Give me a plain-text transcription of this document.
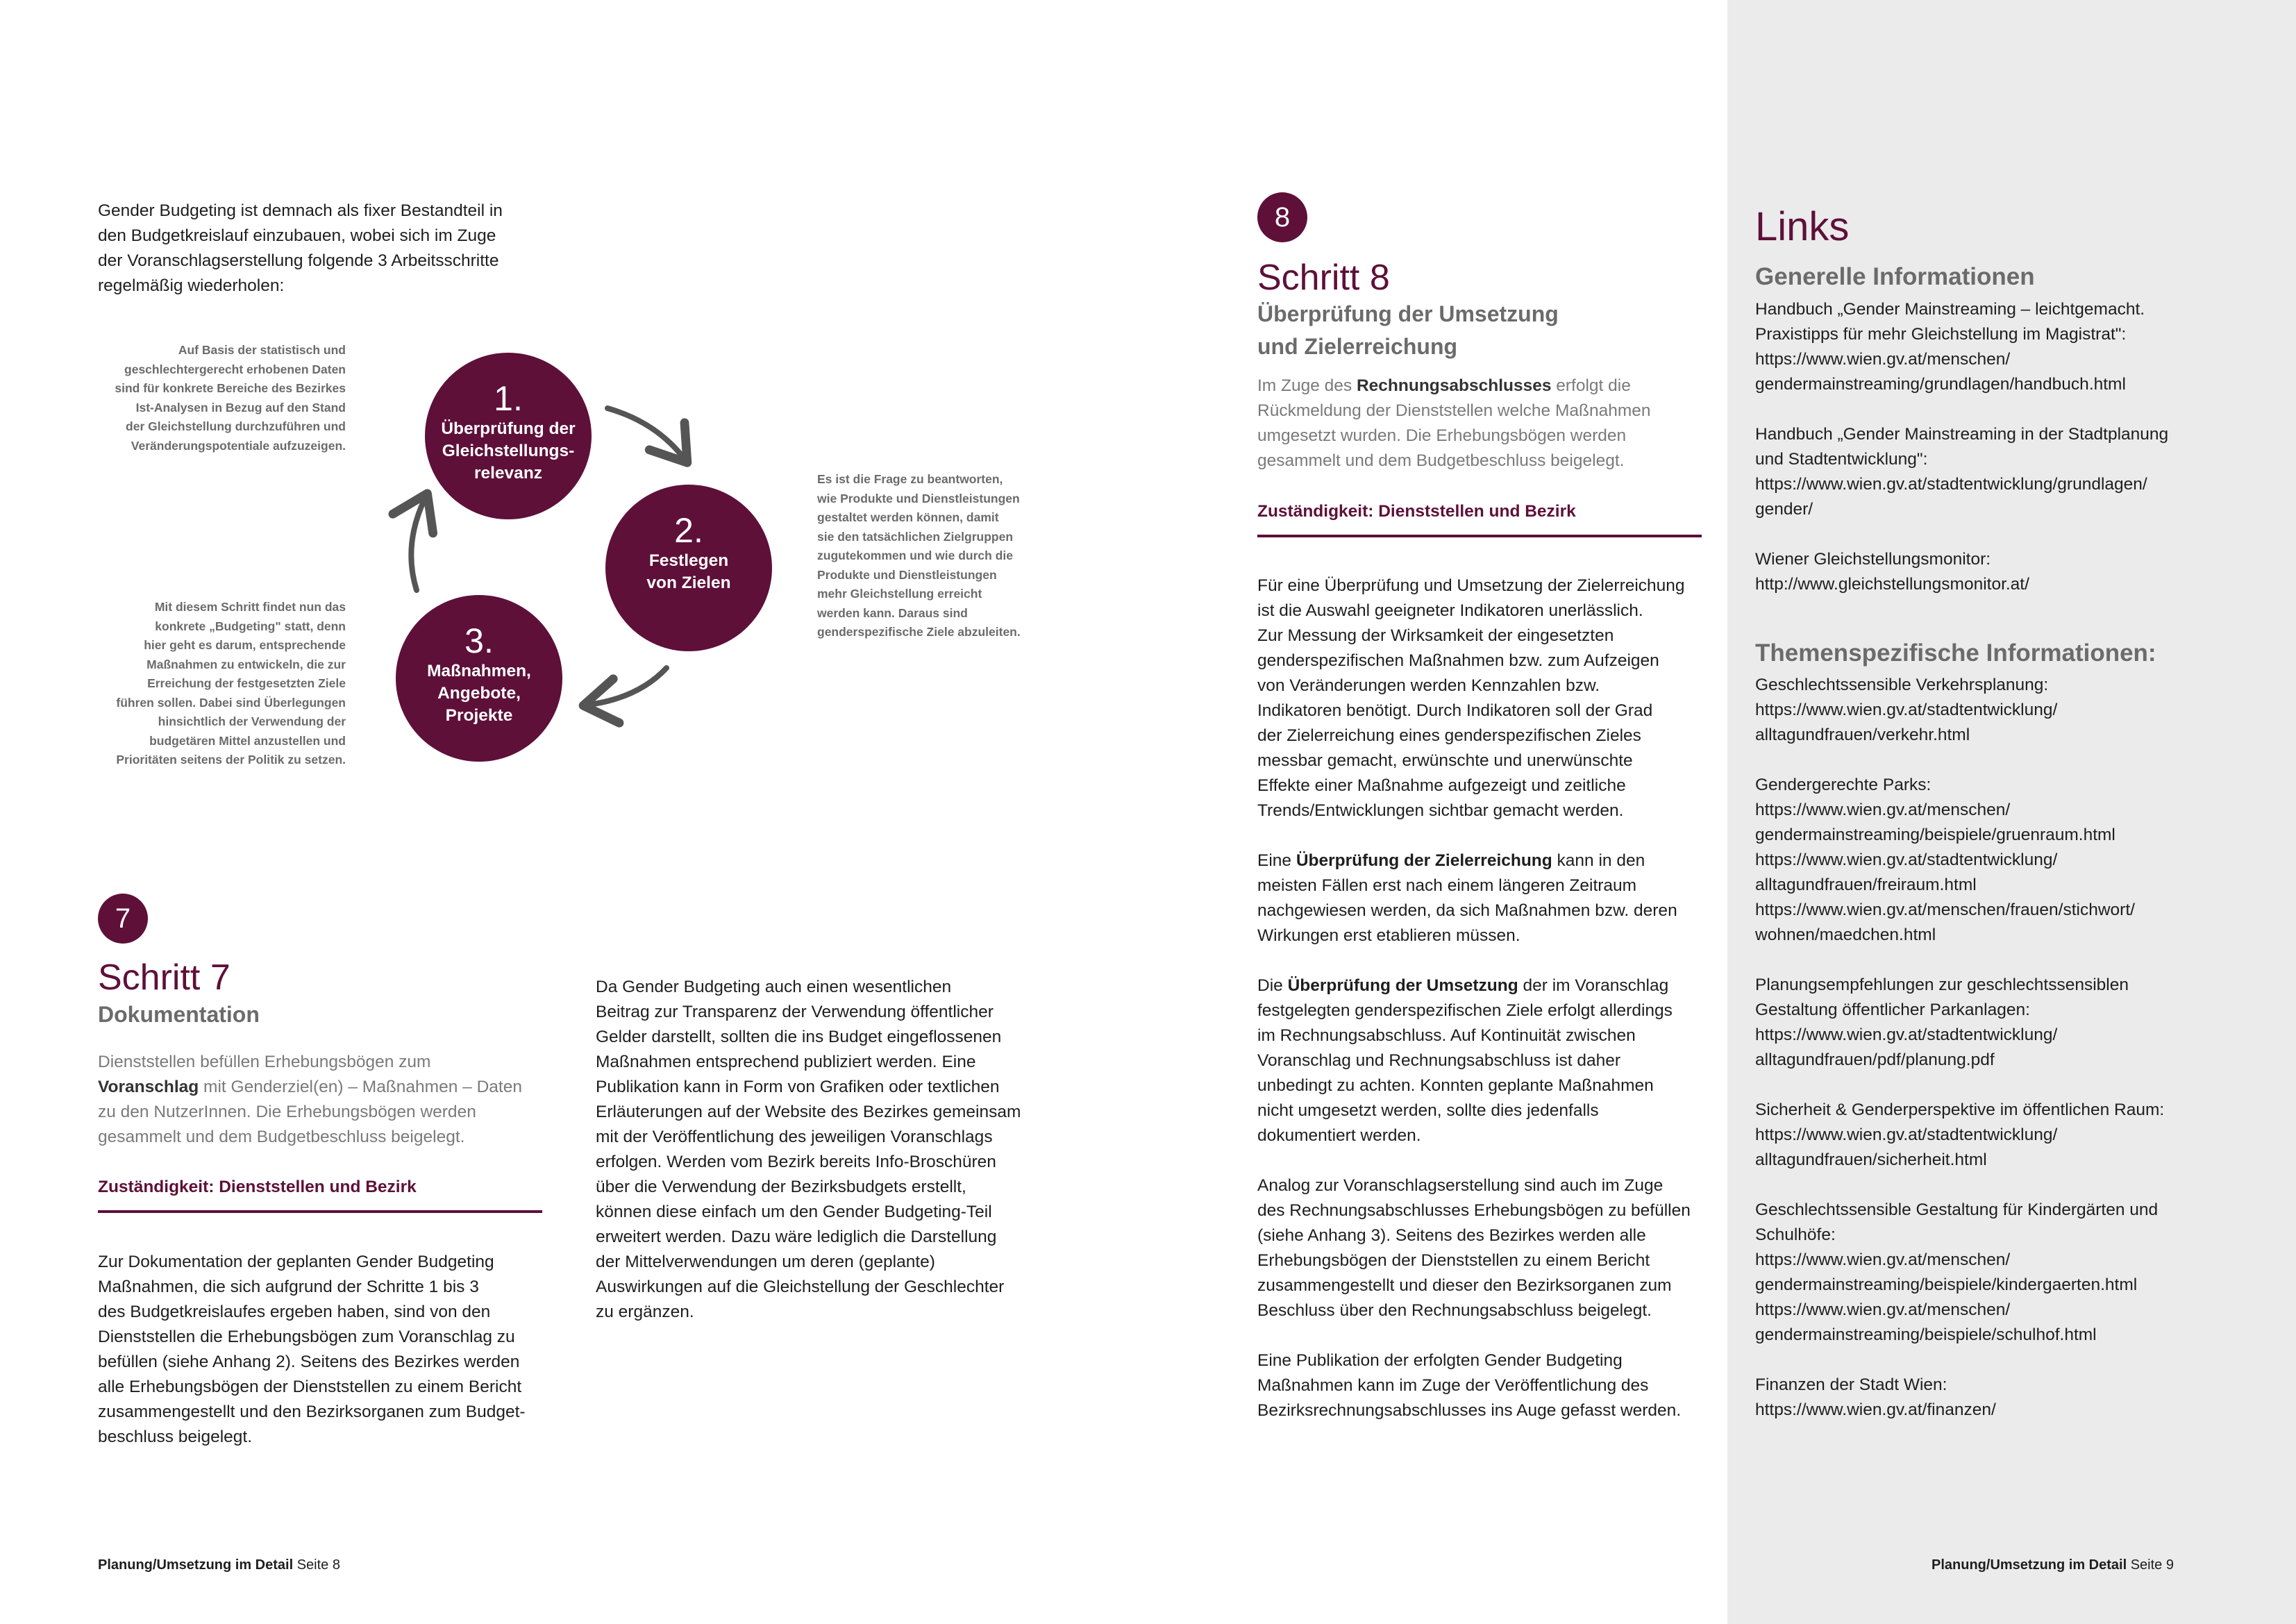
Gender Budgeting ist demnach als fixer Bestandteil in
den Budgetkreislauf einzubauen, wobei sich im Zuge
der Voranschlagserstellung folgende 3 Arbeitsschritte
regelmäßig wiederholen:
Auf Basis der statistisch und
geschlechtergerecht erhobenen Daten
sind für konkrete Bereiche des Bezirkes
Ist-Analysen in Bezug auf den Stand
der Gleichstellung durchzuführen und
Veränderungspotentiale aufzuzeigen.
Es ist die Frage zu beantworten,
wie Produkte und Dienstleistungen
gestaltet werden können, damit
sie den tatsächlichen Zielgruppen
zugutekommen und wie durch die
Produkte und Dienstleistungen
mehr Gleichstellung erreicht
werden kann. Daraus sind
genderspezifische Ziele abzuleiten.
Mit diesem Schritt findet nun das
konkrete „Budgeting" statt, denn
hier geht es darum, entsprechende
Maßnahmen zu entwickeln, die zur
Erreichung der festgesetzten Ziele
führen sollen. Dabei sind Überlegungen
hinsichtlich der Verwendung der
budgetären Mittel anzustellen und
Prioritäten seitens der Politik zu setzen.
1.
Überprüfung der
Gleichstellungs-
relevanz
2.
Festlegen
von Zielen
3.
Maßnahmen,
Angebote,
Projekte
7
Schritt 7
Dokumentation
Dienststellen befüllen Erhebungsbögen zum
Voranschlag mit Genderziel(en) – Maßnahmen – Daten
zu den NutzerInnen. Die Erhebungsbögen werden
gesammelt und dem Budgetbeschluss beigelegt.
Zuständigkeit: Dienststellen und Bezirk
Zur Dokumentation der geplanten Gender Budgeting
Maßnahmen, die sich aufgrund der Schritte 1 bis 3
des Budgetkreislaufes ergeben haben, sind von den
Dienststellen die Erhebungsbögen zum Voranschlag zu
befüllen (siehe Anhang 2). Seitens des Bezirkes werden
alle Erhebungsbögen der Dienststellen zu einem Bericht
zusammengestellt und den Bezirksorganen zum Budget-
beschluss beigelegt.
Da Gender Budgeting auch einen wesentlichen
Beitrag zur Transparenz der Verwendung öffentlicher
Gelder darstellt, sollten die ins Budget eingeflossenen
Maßnahmen entsprechend publiziert werden. Eine
Publikation kann in Form von Grafiken oder textlichen
Erläuterungen auf der Website des Bezirkes gemeinsam
mit der Veröffentlichung des jeweiligen Voranschlags
erfolgen. Werden vom Bezirk bereits Info-Broschüren
über die Verwendung der Bezirksbudgets erstellt,
können diese einfach um den Gender Budgeting-Teil
erweitert werden. Dazu wäre lediglich die Darstellung
der Mittelverwendungen um deren (geplante)
Auswirkungen auf die Gleichstellung der Geschlechter
zu ergänzen.
Planung/Umsetzung im Detail Seite 8
8
Schritt 8
Überprüfung der Umsetzung
und Zielerreichung
Im Zuge des Rechnungsabschlusses erfolgt die
Rückmeldung der Dienststellen welche Maßnahmen
umgesetzt wurden. Die Erhebungsbögen werden
gesammelt und dem Budgetbeschluss beigelegt.
Zuständigkeit: Dienststellen und Bezirk
Für eine Überprüfung und Umsetzung der Zielerreichung
ist die Auswahl geeigneter Indikatoren unerlässlich.
Zur Messung der Wirksamkeit der eingesetzten
genderspezifischen Maßnahmen bzw. zum Aufzeigen
von Veränderungen werden Kennzahlen bzw.
Indikatoren benötigt. Durch Indikatoren soll der Grad
der Zielerreichung eines genderspezifischen Zieles
messbar gemacht, erwünschte und unerwünschte
Effekte einer Maßnahme aufgezeigt und zeitliche
Trends/Entwicklungen sichtbar gemacht werden.
Eine Überprüfung der Zielerreichung kann in den
meisten Fällen erst nach einem längeren Zeitraum
nachgewiesen werden, da sich Maßnahmen bzw. deren
Wirkungen erst etablieren müssen.
Die Überprüfung der Umsetzung der im Voranschlag
festgelegten genderspezifischen Ziele erfolgt allerdings
im Rechnungsabschluss. Auf Kontinuität zwischen
Voranschlag und Rechnungsabschluss ist daher
unbedingt zu achten. Konnten geplante Maßnahmen
nicht umgesetzt werden, sollte dies jedenfalls
dokumentiert werden.
Analog zur Voranschlagserstellung sind auch im Zuge
des Rechnungsabschlusses Erhebungsbögen zu befüllen
(siehe Anhang 3). Seitens des Bezirkes werden alle
Erhebungsbögen der Dienststellen zu einem Bericht
zusammengestellt und dieser den Bezirksorganen zum
Beschluss über den Rechnungsabschluss beigelegt.
Eine Publikation der erfolgten Gender Budgeting
Maßnahmen kann im Zuge der Veröffentlichung des
Bezirksrechnungsabschlusses ins Auge gefasst werden.
Links
Generelle Informationen
Handbuch „Gender Mainstreaming – leichtgemacht.
Praxistipps für mehr Gleichstellung im Magistrat":
https://www.wien.gv.at/menschen/
gendermainstreaming/grundlagen/handbuch.html

Handbuch „Gender Mainstreaming in der Stadtplanung
und Stadtentwicklung":
https://www.wien.gv.at/stadtentwicklung/grundlagen/
gender/

Wiener Gleichstellungsmonitor:
http://www.gleichstellungsmonitor.at/
Themenspezifische Informationen:
Geschlechtssensible Verkehrsplanung:
https://www.wien.gv.at/stadtentwicklung/
alltagundfrauen/verkehr.html

Gendergerechte Parks:
https://www.wien.gv.at/menschen/
gendermainstreaming/beispiele/gruenraum.html
https://www.wien.gv.at/stadtentwicklung/
alltagundfrauen/freiraum.html
https://www.wien.gv.at/menschen/frauen/stichwort/
wohnen/maedchen.html

Planungsempfehlungen zur geschlechtssensiblen
Gestaltung öffentlicher Parkanlagen:
https://www.wien.gv.at/stadtentwicklung/
alltagundfrauen/pdf/planung.pdf

Sicherheit & Genderperspektive im öffentlichen Raum:
https://www.wien.gv.at/stadtentwicklung/
alltagundfrauen/sicherheit.html

Geschlechtssensible Gestaltung für Kindergärten und
Schulhöfe:
https://www.wien.gv.at/menschen/
gendermainstreaming/beispiele/kindergaerten.html
https://www.wien.gv.at/menschen/
gendermainstreaming/beispiele/schulhof.html

Finanzen der Stadt Wien:
https://www.wien.gv.at/finanzen/
Planung/Umsetzung im Detail Seite 9
